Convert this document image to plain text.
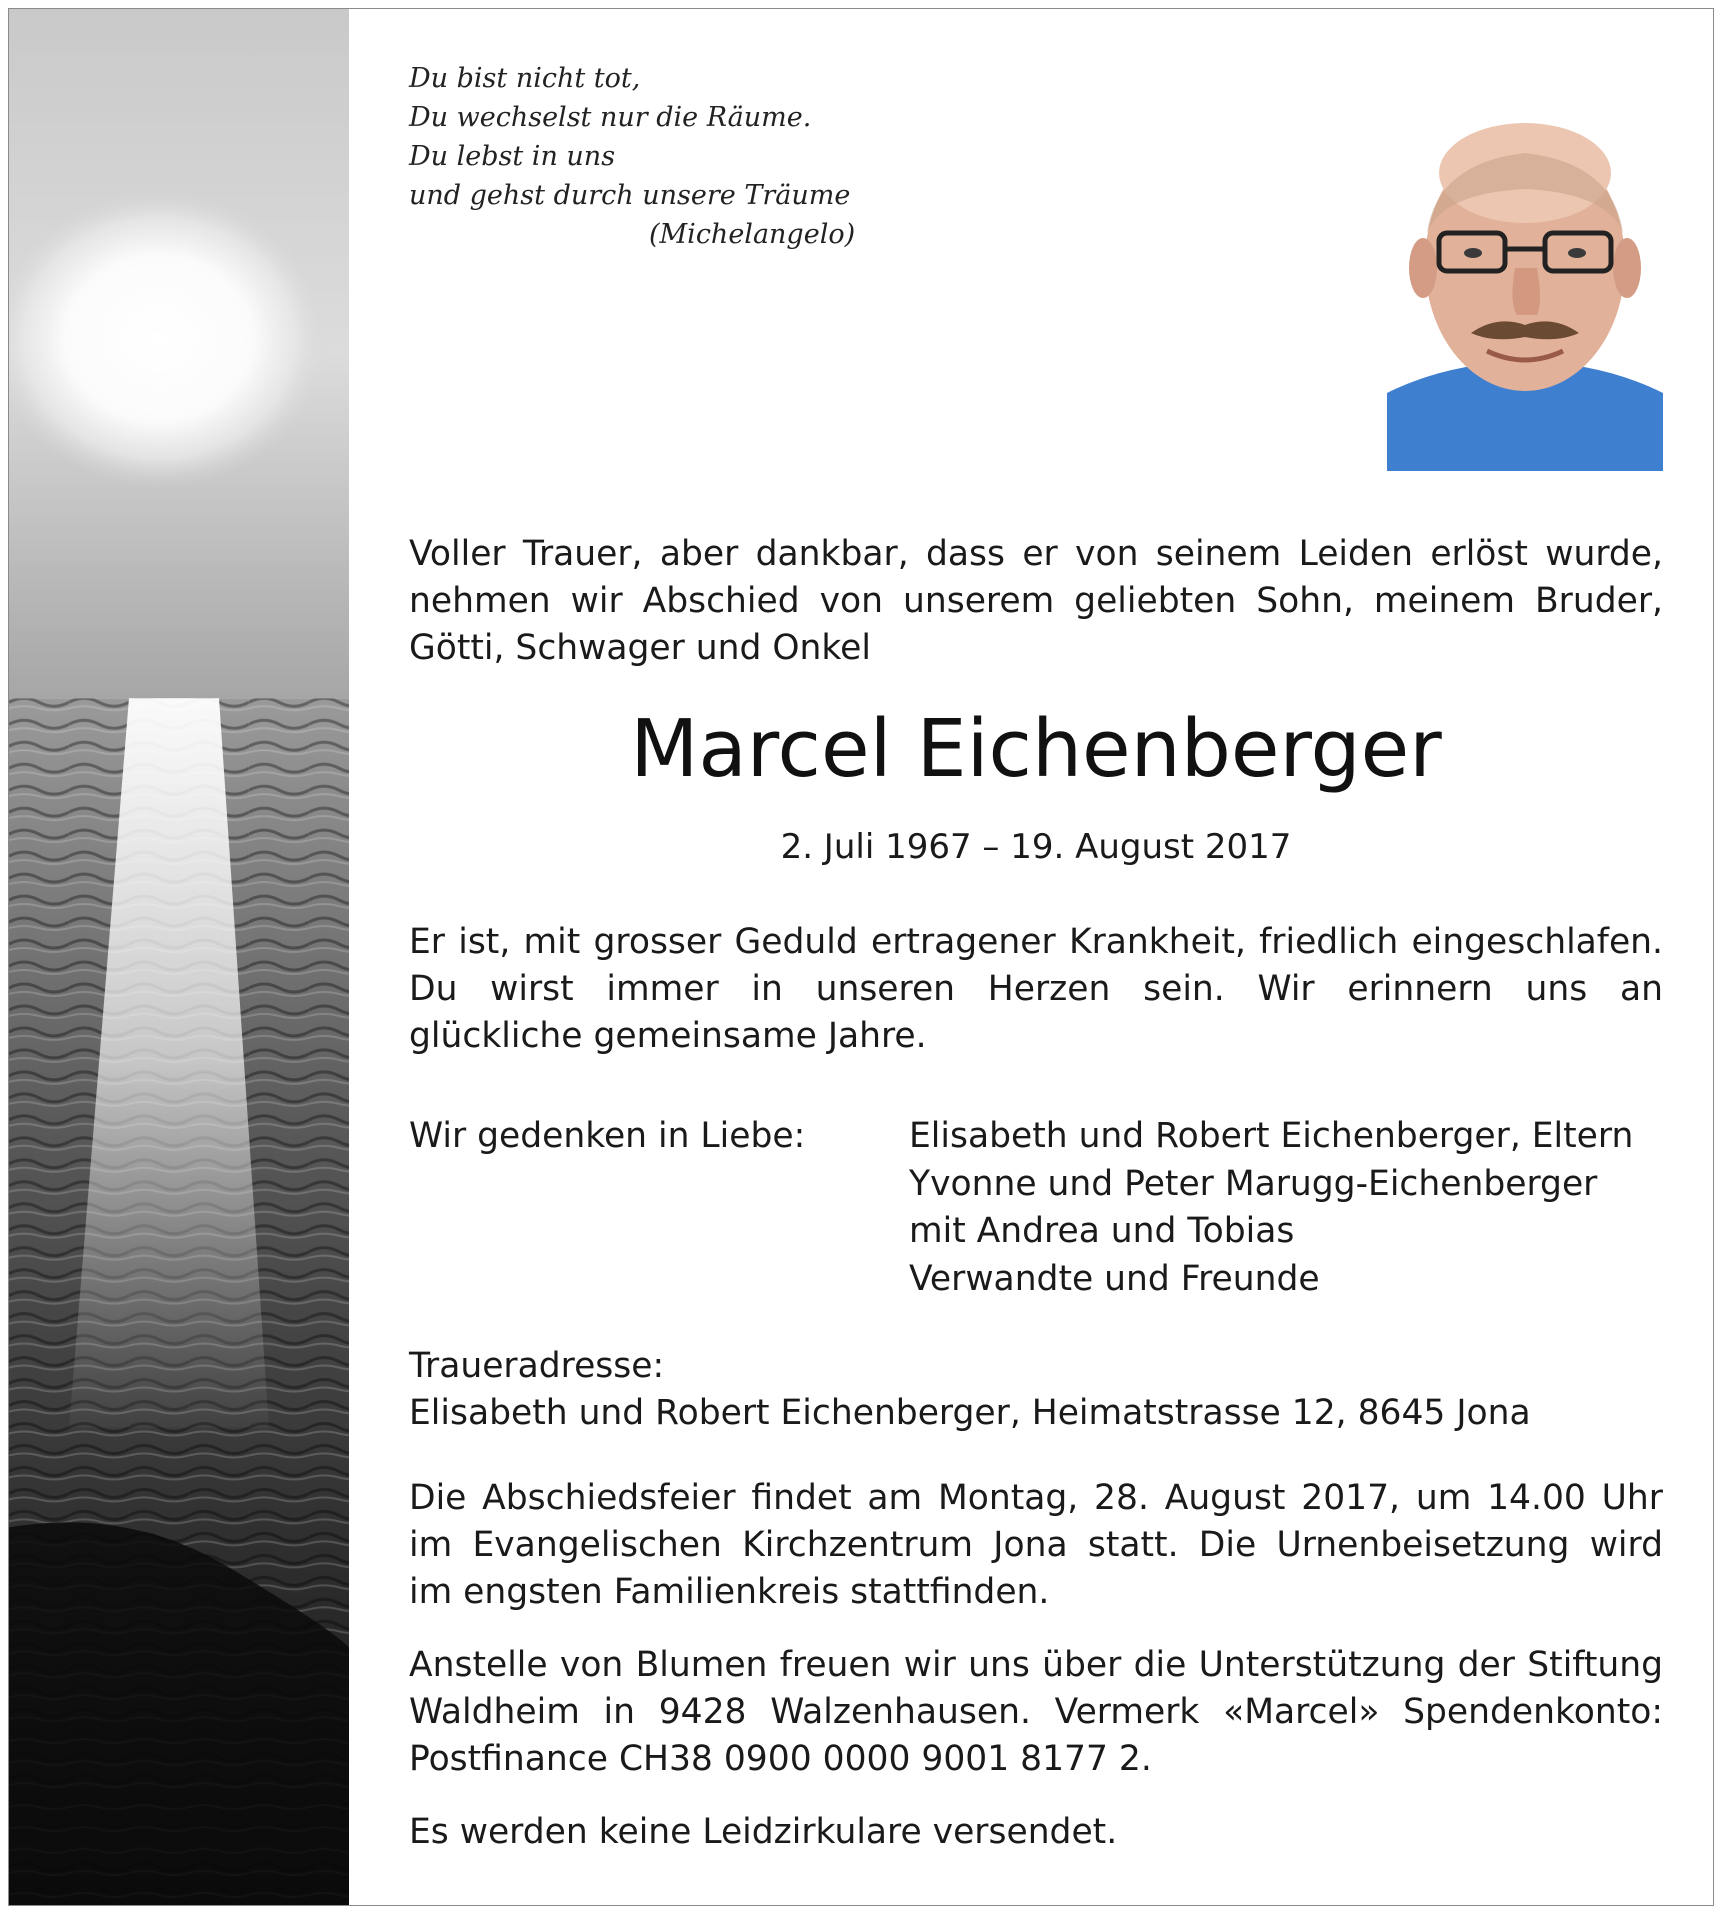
Du bist nicht tot,
Du wechselst nur die Räume.
Du lebst in uns
und gehst durch unsere Träume
(Michelangelo)
Voller Trauer, aber dankbar, dass er von seinem Leiden erlöst wurde,
nehmen wir Abschied von unserem geliebten Sohn, meinem Bruder,
Götti, Schwager und Onkel
Marcel Eichenberger
2. Juli 1967 – 19. August 2017
Er ist, mit grosser Geduld ertragener Krankheit, friedlich eingeschlafen.
Du wirst immer in unseren Herzen sein. Wir erinnern uns an
glückliche gemeinsame Jahre.
Wir gedenken in Liebe:	Elisabeth und Robert Eichenberger, Eltern
Yvonne und Peter Marugg-Eichenberger
mit Andrea und Tobias
Verwandte und Freunde
Traueradresse:
Elisabeth und Robert Eichenberger, Heimatstrasse 12, 8645 Jona
Die Abschiedsfeier findet am Montag, 28. August 2017, um 14.00 Uhr
im Evangelischen Kirchzentrum Jona statt. Die Urnenbeisetzung wird
im engsten Familienkreis stattfinden.
Anstelle von Blumen freuen wir uns über die Unterstützung der Stiftung
Waldheim in 9428 Walzenhausen. Vermerk «Marcel» Spendenkonto:
Postfinance CH38 0900 0000 9001 8177 2.
Es werden keine Leidzirkulare versendet.
